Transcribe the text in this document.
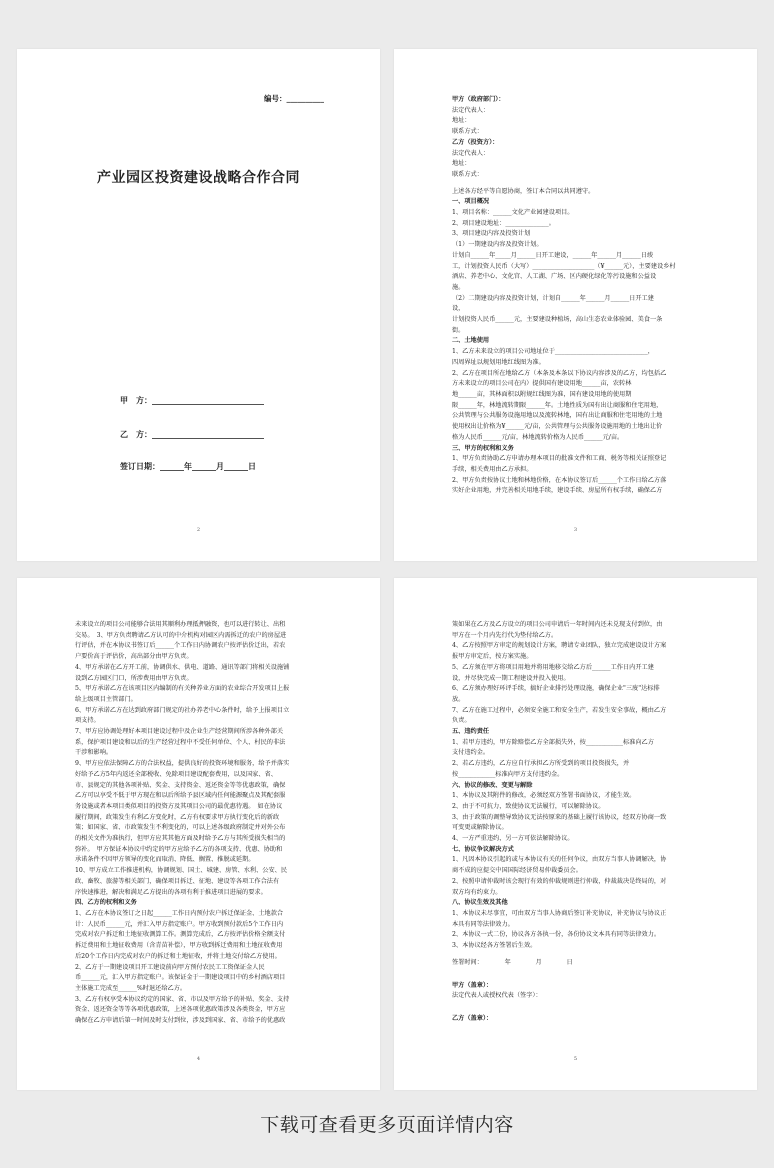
编号：__________
产业园区投资建设战略合作合同
甲　方：____________________________
乙　方：____________________________
签订日期：______年______月______日
2

甲方（政府部门）：

法定代表人：

地址：

联系方式：

乙方（投资方）：

法定代表人：

地址：

联系方式：

上述各方经平等自愿协商，签订本合同以共同遵守。

一、项目概况

1、项目名称：______文化产业园建设项目。

2、项目建设地址：______________。

3、项目建设内容及投资计划

（1）一期建设内容及投资计划。

计划自______年_____月______日开工建设，______年______月______日竣

工，计划投资人民币（大写）____________________（¥______元），主要建设乡村

酒店、养老中心、文化宫、人工湖、广场、区内硬化绿化等污设施和公益设

施。

（2）二期建设内容及投资计划，计划自______年______月______日开工建

设，

计划投资人民币______元，主要建设种植场，高山生态农业体验园、美食一条

街。

二、土地使用

1、乙方未来设立的项目公司地址位于______________________________，

四周界址以规划用地红线图为准。

2、乙方在项目所在地给乙方（本条及本条以下协议内容涉及的乙方，均包括乙

方未来设立的项目公司在内）提供国有建设用地______亩，农转林

地______亩，其林面积以附规红线图为准，国有建设用地的使用期

限______年，林地流转期限______年。土地性质为国有出让商服和住宅用地，

公共管理与公共服务设施用地以及流转林地，国有出让商服和住宅用地的土地

使用权出让价格为¥______元/亩，公共管理与公共服务设施用地的土地出让价

格为人民币______元/亩，林地流转价格为人民币______元/亩。

三、甲方的权利和义务

1、甲方负责协助乙方申请办理本项目的批准文件和工商、税务等相关证照登记

手续，相关费用由乙方承担。

2、甲方负责按协议土地和林地价格，在本协议签订后______个工作日给乙方落

实好企业用地，并完善相关用地手续，建设手续、房屋所有权手续，确保乙方

3

未来设立的项目公司能够合法用其顺利办理抵押融资，也可以进行转让、出租

交易。　3、甲方负责聘请乙方认可的中介机构对园区内需拆迁的农户的房屋进

行评估，并在本协议书签订后______个工作日内协调农户按评估价迁出，若农

户要价高于评估价，高出部分由甲方负责。

4、甲方承诺在乙方开工前，协调供水、供电、道路、通讯等部门将相关设施铺

设到乙方园区门口，所涉费用由甲方负责。

5、甲方承诺乙方在该项目区内编制的有关种养业方面的农业综合开发项目上报

给上级项目主管部门。

6、甲方承诺乙方在达到政府部门规定的社办养老中心条件时，给予上报项目立

项支持。

7、甲方应协调处理好本项目建设过程中及企业生产经营期间所涉各种外部关

系，保护项目建设和以后的生产经营过程中不受任何单位、个人、村民的非法

干涉和影响。

9、甲方应依法保障乙方的合法权益，提供良好的投资环境和服务，给予并落实

好给予乙方5年内返还全部税收、免除项目建设配套费用，以及国家、省、

市、县规定的其他各项补贴、奖金、支持资金、返还资金等等优惠政策，确保

乙方可以享受不低于甲方现在和以后所给予县区域内任何能源聚点及其配套服

务设施或者本项目类似项目的投资方及其项目公司的最优惠待遇。　如在协议

履行期间，政策发生有利乙方变化时，乙方有权要求甲方执行变化后的新政

策；如国家、省、市政策发生不利变化的，可以上述各级政府制定并对外公布

的相关文件为准执行，但甲方应其其他方面及时给予乙方与其所受损失相当的

弥补。　甲方保证本协议中约定的甲方应给予乙方的各项支持、优惠、协助和

承诺条件不因甲方领导的变化而取消、降低、搁置、推脱或延期。

10、甲方成立工作推进机构，协调规划、国土、城建、房管、水利、公安、民

政、畜牧、旅游等相关部门，确保项目拆迁、征地、建设等各项工作合法有

序快速推进，解决和满足乙方提出的各项有利于推进项目进展的要求。

四、乙方的权利和义务

1、乙方在本协议签订之日起______工作日内预付农户拆迁保证金、土地款合

计：人民币______元，并汇入甲方指定账户。甲方收到预付款后5个工作日内

完成对农户拆迁和土地征收测算工作。测算完成后，乙方按评估价格全额支付

拆迁费用和土地征收费用（含青苗补偿），甲方收到拆迁费用和土地征收费用

后20个工作日内完成对农户的拆迁和土地征收，并将土地交付给乙方使用。

2、乙方于一期建设项目开工建设前向甲方预付农民工工资保证金人民

币______元，汇入甲方指定账户。该保证金于一期建设项目中的乡村酒店项目

主体施工完成至______%时退还给乙方。

3、乙方有权享受本协议约定的国家、省、市以及甲方给予的补贴、奖金、支持

资金、返还资金等等各项优惠政策，上述各项优惠政策涉及各类资金，甲方应

确保在乙方申请后第一时间及时支付到位，涉及到国家、省、市给予的优惠政

4

策如果在乙方及乙方设立的项目公司申请后一年时间内还未兑现支付到位，由

甲方在一个月内先行代为垫付给乙方。

4、乙方按照甲方审定的规划设计方案，聘请专业团队，独立完成建设设计方案

报甲方审定后，按方案实施。

5、乙方须在甲方将项目用地并将用地移交给乙方后______工作日内开工建

设，并尽快完成一期工程建设并投入使用。

6、乙方须办理好环评手续，搞好企业排污处理设施，确保企业"三废"达标排

放。

7、乙方在施工过程中，必须安全施工和安全生产，若发生安全事故，概由乙方

负责。

五、违约责任

1、若甲方违约，甲方除赔偿乙方全部损失外，按____________标准向乙方

支付违约金。

2、若乙方违约，乙方应自行承担乙方所受到的项目投资损失，并

按____________标准向甲方支付违约金。

六、协议的修改、变更与解除

1、本协议及其附件的修改，必须经双方签署书面协议，才能生效。

2、由于不可抗力，致使协议无法履行，可以解除协议。

3、由于政策的调整导致协议无法按原来的基础上履行该协议，经双方协商一致

可变更或解除协议。

4、一方严重违约，另一方可依法解除协议。

七、协议争议解决方式

1、凡因本协议引起的或与本协议有关的任何争议，由双方当事人协调解决，协

商不成的应提交中国国际经济贸易仲裁委员会。

2、按照申请仲裁时该会现行有效的仲裁规则进行仲裁，仲裁裁决是终局的，对

双方均有约束力。

八、协议生效及其他

1、本协议未尽事宜，可由双方当事人协商后签订补充协议，补充协议与协议正

本具有同等法律效力。

2、本协议一式二份，协议各方各执一份，各份协议文本具有同等法律效力。

3、本协议经各方签署后生效。

签署时间：　　　　年　　　　月　　　　日

甲方（盖章）：

法定代表人或授权代表（签字）：

乙方（盖章）：

5
下载可查看更多页面详情内容
